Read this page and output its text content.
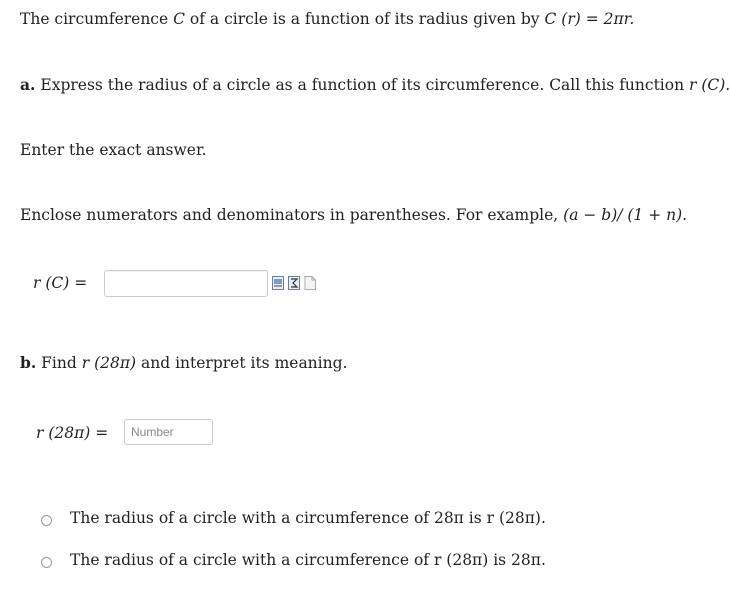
The circumference C of a circle is a function of its radius given by C (r) = 2πr.
a. Express the radius of a circle as a function of its circumference. Call this function r (C).
Enter the exact answer.
Enclose numerators and denominators in parentheses. For example, (a − b)/ (1 + n).
r (C) =
b. Find r (28π) and interpret its meaning.
r (28π) =	Number
The radius of a circle with a circumference of 28π is r (28π).
The radius of a circle with a circumference of r (28π) is 28π.
